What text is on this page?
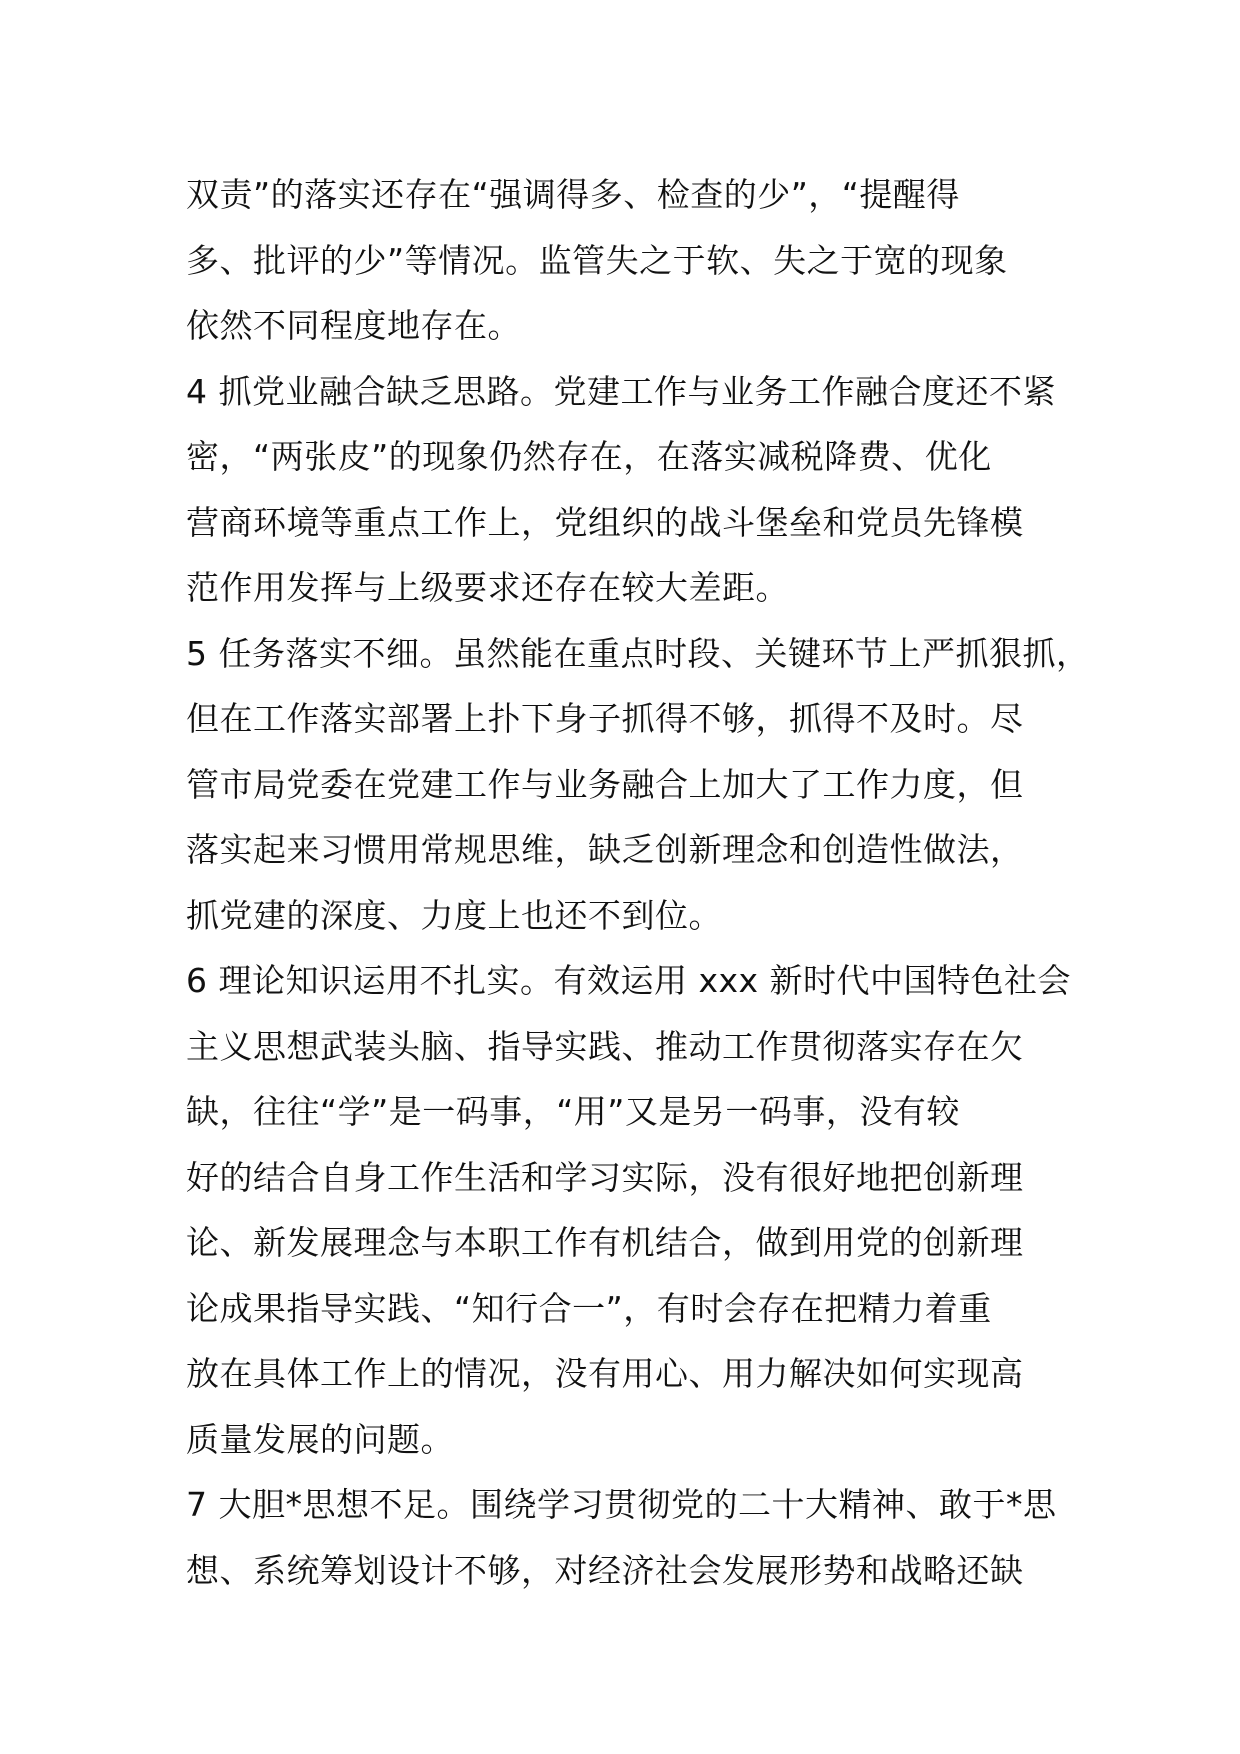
双责”的落实还存在“强调得多、检查的少”，“提醒得
多、批评的少”等情况。监管失之于软、失之于宽的现象
依然不同程度地存在。
4 抓党业融合缺乏思路。党建工作与业务工作融合度还不紧
密，“两张皮”的现象仍然存在，在落实减税降费、优化
营商环境等重点工作上，党组织的战斗堡垒和党员先锋模
范作用发挥与上级要求还存在较大差距。
5 任务落实不细。虽然能在重点时段、关键环节上严抓狠抓，
但在工作落实部署上扑下身子抓得不够，抓得不及时。尽
管市局党委在党建工作与业务融合上加大了工作力度，但
落实起来习惯用常规思维，缺乏创新理念和创造性做法，
抓党建的深度、力度上也还不到位。
6 理论知识运用不扎实。有效运用 xxx 新时代中国特色社会
主义思想武装头脑、指导实践、推动工作贯彻落实存在欠
缺，往往“学”是一码事，“用”又是另一码事，没有较
好的结合自身工作生活和学习实际，没有很好地把创新理
论、新发展理念与本职工作有机结合，做到用党的创新理
论成果指导实践、“知行合一”，有时会存在把精力着重
放在具体工作上的情况，没有用心、用力解决如何实现高
质量发展的问题。
7 大胆*思想不足。围绕学习贯彻党的二十大精神、敢于*思
想、系统筹划设计不够，对经济社会发展形势和战略还缺
